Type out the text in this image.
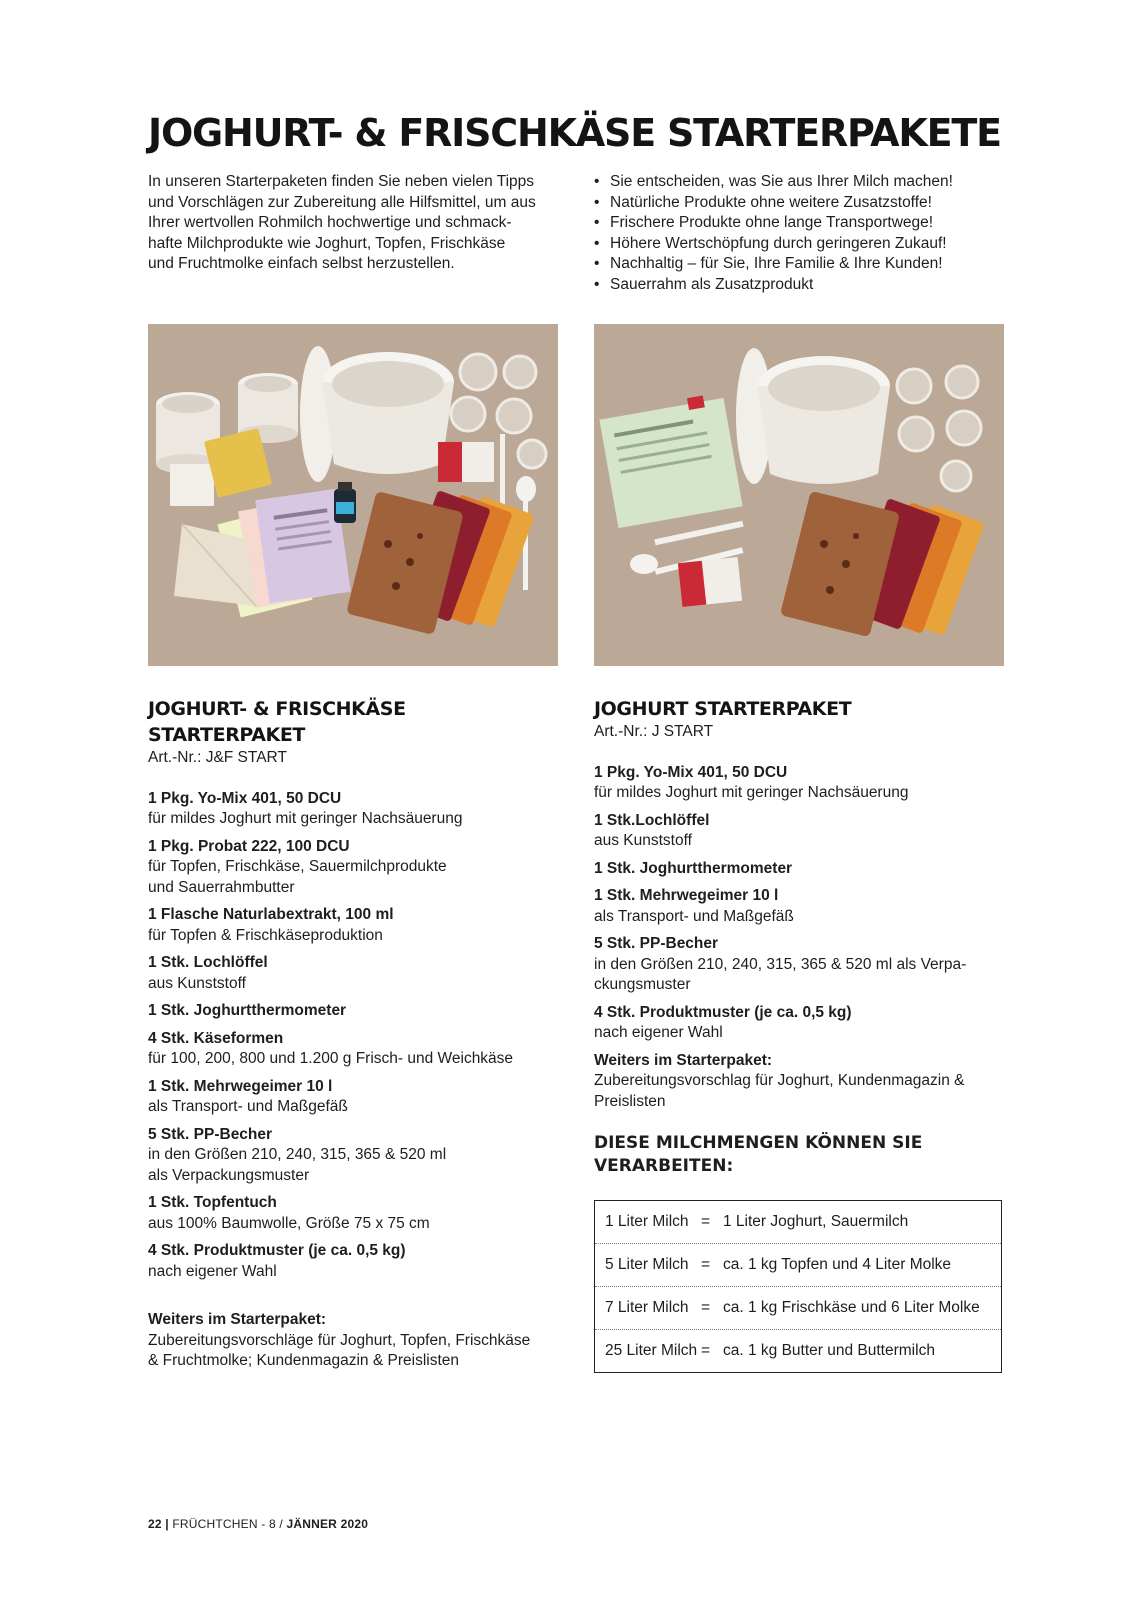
JOGHURT- & FRISCHKÄSE STARTERPAKETE
In unseren Starterpaketen finden Sie neben vielen Tipps
und Vorschlägen zur Zubereitung alle Hilfsmittel, um aus
Ihrer wertvollen Rohmilch hochwertige und schmack-
hafte Milchprodukte wie Joghurt, Topfen, Frischkäse
und Fruchtmolke einfach selbst herzustellen.
• Sie entscheiden, was Sie aus Ihrer Milch machen!
• Natürliche Produkte ohne weitere Zusatzstoffe!
• Frischere Produkte ohne lange Transportwege!
• Höhere Wertschöpfung durch geringeren Zukauf!
• Nachhaltig – für Sie, Ihre Familie & Ihre Kunden!
• Sauerrahm als Zusatzprodukt
JOGHURT- & FRISCHKÄSE
STARTERPAKET
Art.-Nr.: J&F START
1 Pkg. Yo-Mix 401, 50 DCU
für mildes Joghurt mit geringer Nachsäuerung
1 Pkg. Probat 222, 100 DCU
für Topfen, Frischkäse, Sauermilchprodukte
und Sauerrahmbutter
1 Flasche Naturlabextrakt, 100 ml
für Topfen & Frischkäseproduktion
1 Stk. Lochlöffel
aus Kunststoff
1 Stk. Joghurtthermometer
4 Stk. Käseformen
für 100, 200, 800 und 1.200 g Frisch- und Weichkäse
1 Stk. Mehrwegeimer 10 l
als Transport- und Maßgefäß
5 Stk. PP-Becher
in den Größen 210, 240, 315, 365 & 520 ml
als Verpackungsmuster
1 Stk. Topfentuch
aus 100% Baumwolle, Größe 75 x 75 cm
4 Stk. Produktmuster (je ca. 0,5 kg)
nach eigener Wahl
Weiters im Starterpaket:
Zubereitungsvorschläge für Joghurt, Topfen, Frischkäse
& Fruchtmolke; Kundenmagazin & Preislisten
JOGHURT STARTERPAKET
Art.-Nr.: J START
1 Pkg. Yo-Mix 401, 50 DCU
für mildes Joghurt mit geringer Nachsäuerung
1 Stk.Lochlöffel
aus Kunststoff
1 Stk. Joghurtthermometer
1 Stk. Mehrwegeimer 10 l
als Transport- und Maßgefäß
5 Stk. PP-Becher
in den Größen 210, 240, 315, 365 & 520 ml als Verpa-
ckungsmuster
4 Stk. Produktmuster (je ca. 0,5 kg)
nach eigener Wahl
Weiters im Starterpaket:
Zubereitungsvorschlag für Joghurt, Kundenmagazin &
Preislisten
DIESE MILCHMENGEN KÖNNEN SIE
VERARBEITEN:
1 Liter Milch = 1 Liter Joghurt, Sauermilch
5 Liter Milch = ca. 1 kg Topfen und 4 Liter Molke
7 Liter Milch = ca. 1 kg Frischkäse und 6 Liter Molke
25 Liter Milch = ca. 1 kg Butter und Buttermilch
22 | FRÜCHTCHEN - 8 / JÄNNER 2020
